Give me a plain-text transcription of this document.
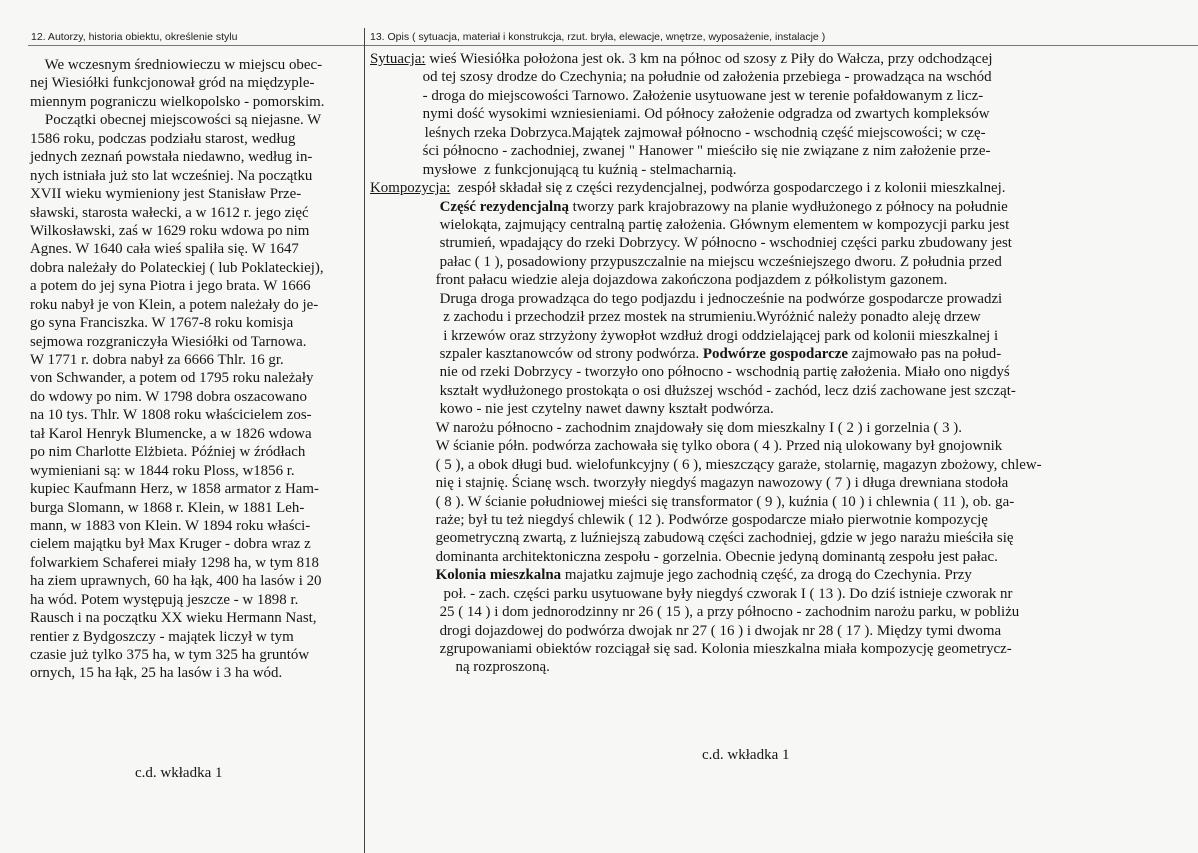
12. Autorzy, historia obiektu, określenie stylu	13. Opis ( sytuacja, materiał i konstrukcja, rzut. bryła, elewacje, wnętrze, wyposażenie, instalacje )
We wczesnym średniowieczu w miejscu obec-
nej Wiesiółki funkcjonował gród na międzyple-
miennym pograniczu wielkopolsko - pomorskim.
Początki obecnej miejscowości są niejasne. W
1586 roku, podczas podziału starost, według
jednych zeznań powstała niedawno, według in-
nych istniała już sto lat wcześniej. Na początku
XVII wieku wymieniony jest Stanisław Prze-
sławski, starosta wałecki, a w 1612 r. jego zięć
Wilkosławski, zaś w 1629 roku wdowa po nim
Agnes. W 1640 cała wieś spaliła się. W 1647
dobra należały do Polateckiej ( lub Poklateckiej),
a potem do jej syna Piotra i jego brata. W 1666
roku nabył je von Klein, a potem należały do je-
go syna Franciszka. W 1767-8 roku komisja
sejmowa rozgraniczyła Wiesiółki od Tarnowa.
W 1771 r. dobra nabył za 6666 Thlr. 16 gr.
von Schwander, a potem od 1795 roku należały
do wdowy po nim. W 1798 dobra oszacowano
na 10 tys. Thlr. W 1808 roku właścicielem zos-
tał Karol Henryk Blumencke, a w 1826 wdowa
po nim Charlotte Elżbieta. Później w źródłach
wymieniani są: w 1844 roku Ploss, w1856 r.
kupiec Kaufmann Herz, w 1858 armator z Ham-
burga Slomann, w 1868 r. Klein, w 1881 Leh-
mann, w 1883 von Klein. W 1894 roku właści-
cielem majątku był Max Kruger - dobra wraz z
folwarkiem Schaferei miały 1298 ha, w tym 818
ha ziem uprawnych, 60 ha łąk, 400 ha lasów i 20
ha wód. Potem występują jeszcze - w 1898 r.
Rausch i na początku XX wieku Hermann Nast,
rentier z Bydgoszczy - majątek liczył w tym
czasie już tylko 375 ha, w tym 325 ha gruntów
ornych, 15 ha łąk, 25 ha lasów i 3 ha wód.
Sytuacja: wieś Wiesiółka położona jest ok. 3 km na północ od szosy z Piły do Wałcza, przy odchodzącej
od tej szosy drodze do Czechynia; na południe od założenia przebiega - prowadząca na wschód
- droga do miejscowości Tarnowo. Założenie usytuowane jest w terenie pofałdowanym z licz-
nymi dość wysokimi wzniesieniami. Od północy założenie odgradza od zwartych kompleksów
leśnych rzeka Dobrzyca.Majątek zajmował północno - wschodnią część miejscowości; w czę-
ści północno - zachodniej, zwanej " Hanower " mieściło się nie związane z nim założenie prze-
mysłowe  z funkcjonującą tu kuźnią - stelmacharnią.
Kompozycja:  zespół składał się z części rezydencjalnej, podwórza gospodarczego i z kolonii mieszkalnej.
Część rezydencjalną tworzy park krajobrazowy na planie wydłużonego z północy na południe
wielokąta, zajmujący centralną partię założenia. Głównym elementem w kompozycji parku jest
strumień, wpadający do rzeki Dobrzycy. W północno - wschodniej części parku zbudowany jest
pałac ( 1 ), posadowiony przypuszczalnie na miejscu wcześniejszego dworu. Z południa przed
front pałacu wiedzie aleja dojazdowa zakończona podjazdem z półkolistym gazonem.
Druga droga prowadząca do tego podjazdu i jednocześnie na podwórze gospodarcze prowadzi
z zachodu i przechodził przez mostek na strumieniu.Wyróżnić należy ponadto aleję drzew
i krzewów oraz strzyżony żywopłot wzdłuż drogi oddzielającej park od kolonii mieszkalnej i
szpaler kasztanowców od strony podwórza. Podwórze gospodarcze zajmowało pas na połud-
nie od rzeki Dobrzycy - tworzyło ono północno - wschodnią partię założenia. Miało ono nigdyś
kształt wydłużonego prostokąta o osi dłuższej wschód - zachód, lecz dziś zachowane jest szcząt-
kowo - nie jest czytelny nawet dawny kształt podwórza.
W narożu północno - zachodnim znajdowały się dom mieszkalny I ( 2 ) i gorzelnia ( 3 ).
W ścianie półn. podwórza zachowała się tylko obora ( 4 ). Przed nią ulokowany był gnojownik
( 5 ), a obok długi bud. wielofunkcyjny ( 6 ), mieszczący garaże, stolarnię, magazyn zbożowy, chlew-
nię i stajnię. Ścianę wsch. tworzyły niegdyś magazyn nawozowy ( 7 ) i długa drewniana stodoła
( 8 ). W ścianie południowej mieści się transformator ( 9 ), kuźnia ( 10 ) i chlewnia ( 11 ), ob. ga-
raże; był tu też niegdyś chlewik ( 12 ). Podwórze gospodarcze miało pierwotnie kompozycję
geometryczną zwartą, z luźniejszą zabudową części zachodniej, gdzie w jego narażu mieściła się
dominanta architektoniczna zespołu - gorzelnia. Obecnie jedyną dominantą zespołu jest pałac.
Kolonia mieszkalna majatku zajmuje jego zachodnią część, za drogą do Czechynia. Przy
poł. - zach. części parku usytuowane były niegdyś czworak I ( 13 ). Do dziś istnieje czworak nr
25 ( 14 ) i dom jednorodzinny nr 26 ( 15 ), a przy północno - zachodnim narożu parku, w pobliżu
drogi dojazdowej do podwórza dwojak nr 27 ( 16 ) i dwojak nr 28 ( 17 ). Między tymi dwoma
zgrupowaniami obiektów rozciągał się sad. Kolonia mieszkalna miała kompozycję geometrycz-
ną rozproszoną.
c.d. wkładka 1
c.d. wkładka 1
